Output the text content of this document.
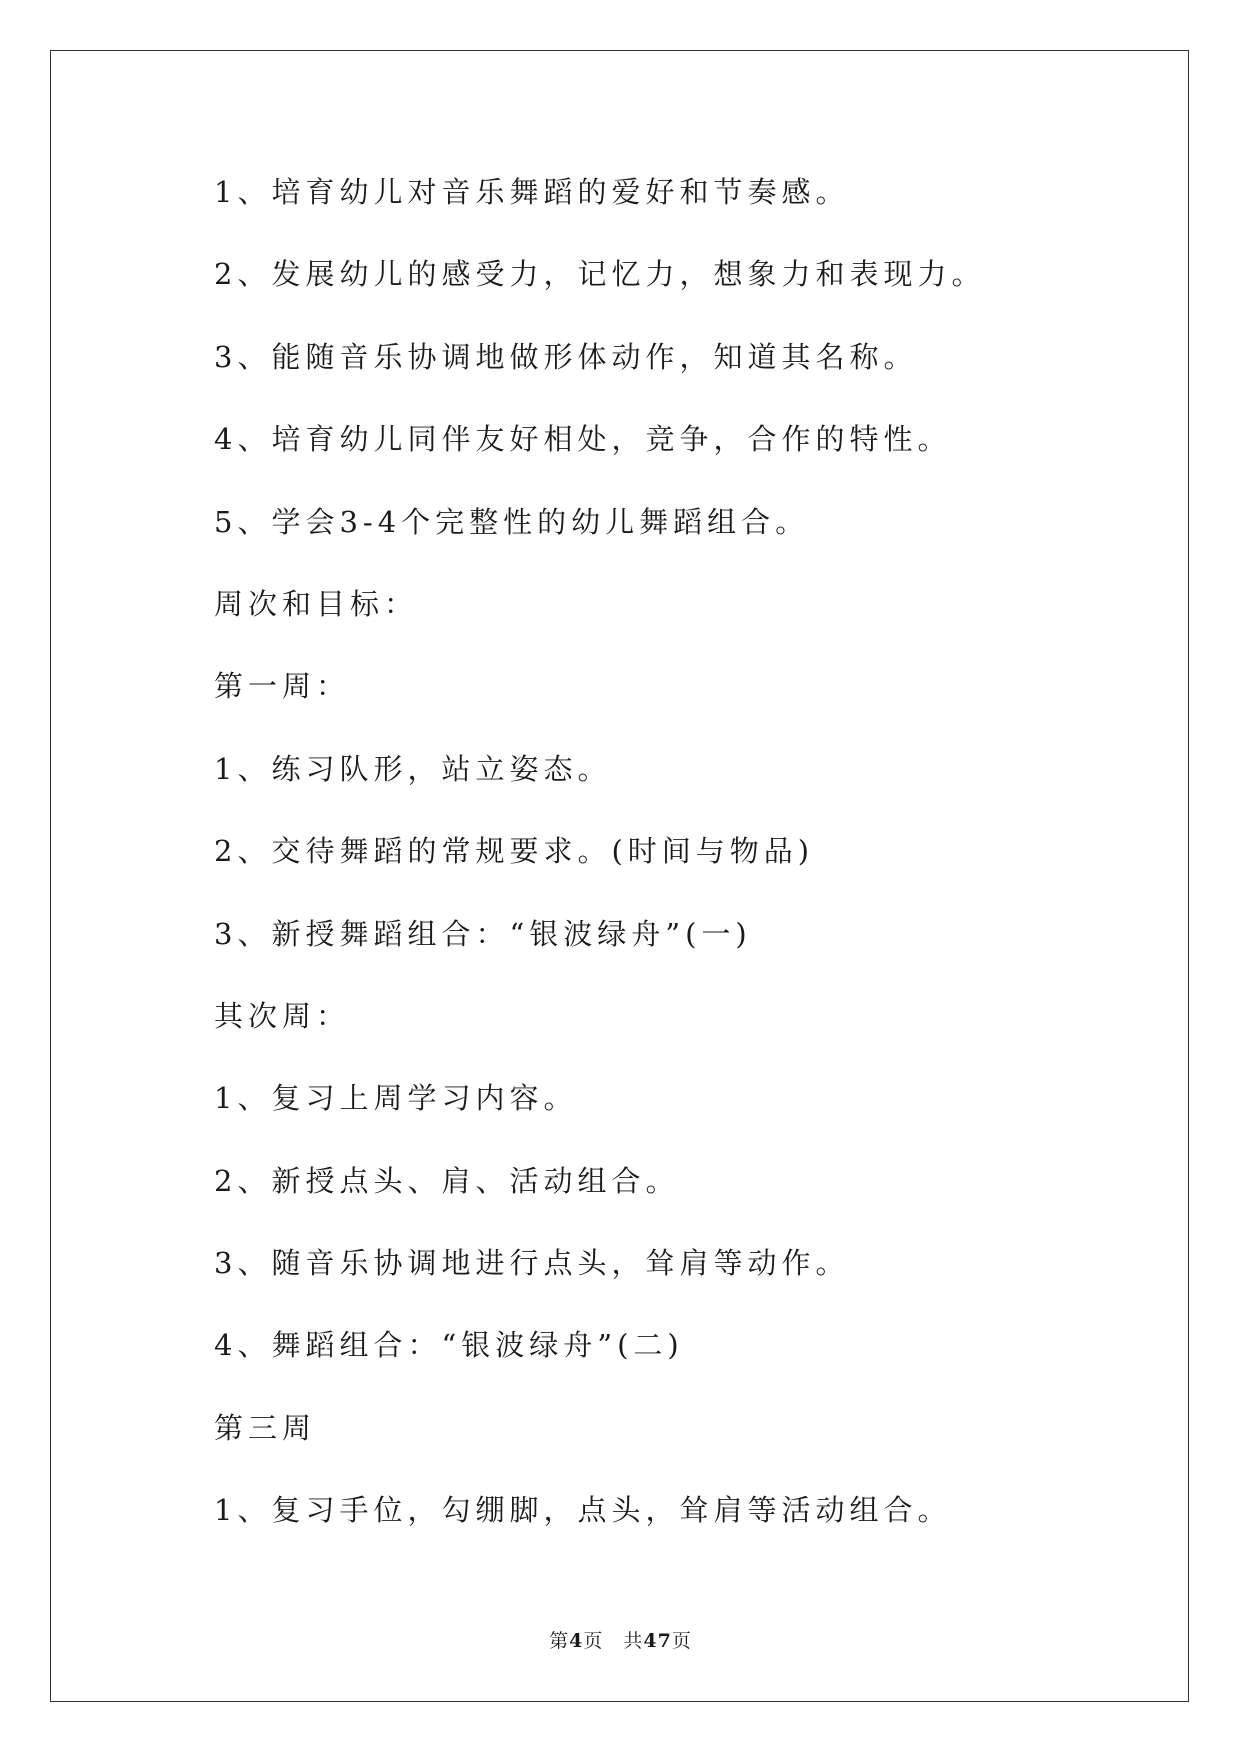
1、培育幼儿对音乐舞蹈的爱好和节奏感。
2、发展幼儿的感受力，记忆力，想象力和表现力。
3、能随音乐协调地做形体动作，知道其名称。
4、培育幼儿同伴友好相处，竞争，合作的特性。
5、学会3-4个完整性的幼儿舞蹈组合。
周次和目标：
第一周：
1、练习队形，站立姿态。
2、交待舞蹈的常规要求。(时间与物品)
3、新授舞蹈组合：“银波绿舟”(一)
其次周：
1、复习上周学习内容。
2、新授点头、肩、活动组合。
3、随音乐协调地进行点头，耸肩等动作。
4、舞蹈组合：“银波绿舟”(二)
第三周
1、复习手位，勾绷脚，点头，耸肩等活动组合。
第4页 共47页
